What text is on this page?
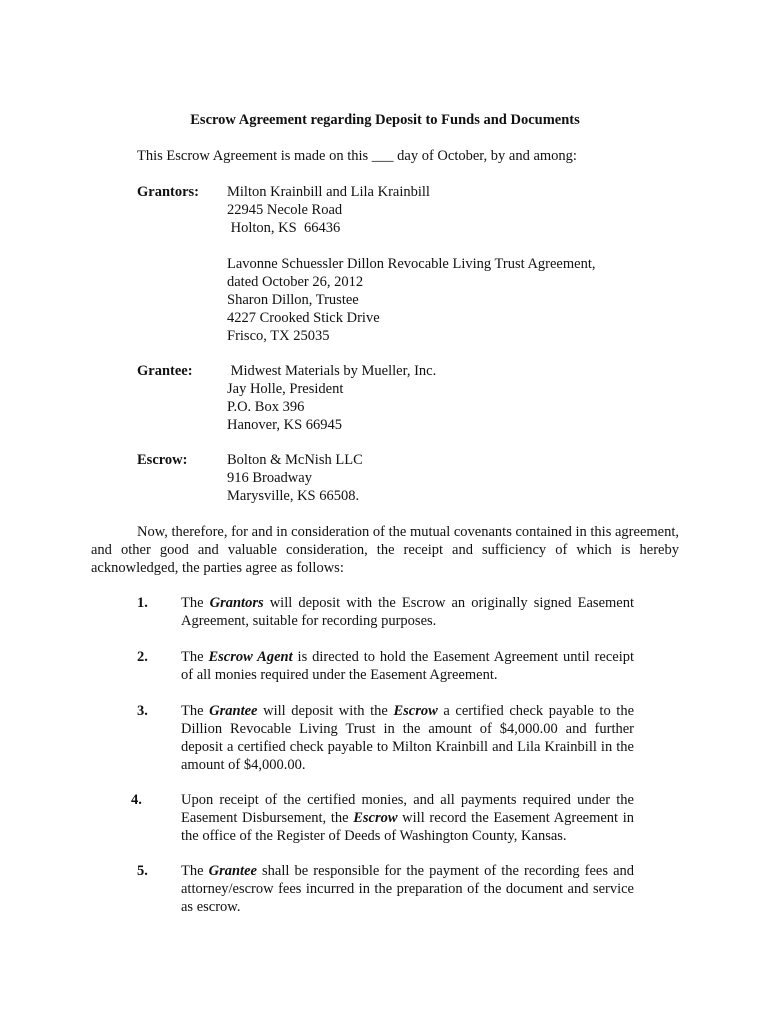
Escrow Agreement regarding Deposit to Funds and Documents
This Escrow Agreement is made on this ___ day of October, by and among:
Grantors: Milton Krainbill and Lila Krainbill
22945 Necole Road
Holton, KS  66436
Lavonne Schuessler Dillon Revocable Living Trust Agreement,
dated October 26, 2012
Sharon Dillon, Trustee
4227 Crooked Stick Drive
Frisco, TX 25035
Grantee: Midwest Materials by Mueller, Inc.
Jay Holle, President
P.O. Box 396
Hanover, KS 66945
Escrow:	Bolton & McNish LLC
916 Broadway
Marysville, KS 66508.
Now, therefore, for and in consideration of the mutual covenants contained in this agreement, and other good and valuable consideration, the receipt and sufficiency of which is hereby acknowledged, the parties agree as follows:
1. The Grantors will deposit with the Escrow an originally signed Easement Agreement, suitable for recording purposes.
2. The Escrow Agent is directed to hold the Easement Agreement until receipt of all monies required under the Easement Agreement.
3. The Grantee will deposit with the Escrow a certified check payable to the Dillion Revocable Living Trust in the amount of $4,000.00 and further deposit a certified check payable to Milton Krainbill and Lila Krainbill in the amount of $4,000.00.
4.	Upon receipt of the certified monies, and all payments required under the Easement Disbursement, the Escrow will record the Easement Agreement in the office of the Register of Deeds of Washington County, Kansas.
5. The Grantee shall be responsible for the payment of the recording fees and attorney/escrow fees incurred in the preparation of the document and service as escrow.
